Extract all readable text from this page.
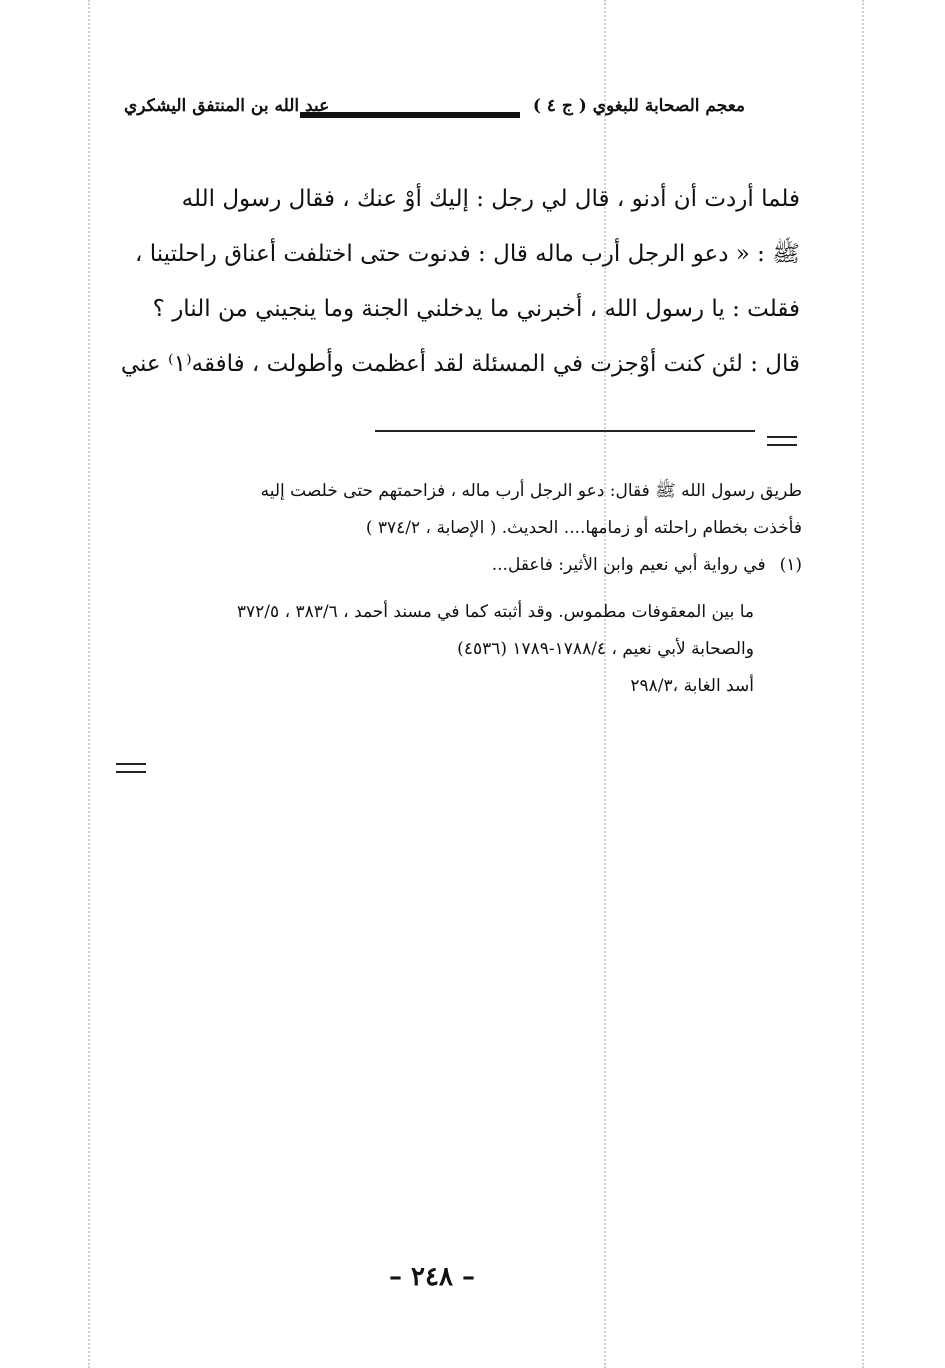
معجم الصحابة للبغوي ( ج ٤ )
عبد الله بن المنتفق اليشكري

فلما أردت أن أدنو ، قال لي رجل : إليك أوْ عنك ، فقال رسول الله

ﷺ : « دعو الرجل أرب ماله قال : فدنوت حتى اختلفت أعناق راحلتينا ،

فقلت : يا رسول الله ، أخبرني ما يدخلني الجنة وما ينجيني من النار ؟

قال : لئن كنت أوْجزت في المسئلة لقد أعظمت وأطولت ، فافقه⁽١⁾ عني

طريق رسول الله ﷺ فقال: دعو الرجل أرب ماله ، فزاحمتهم حتى خلصت إليه

فأخذت بخطام راحلته أو زمامها.... الحديث. ( الإصابة ، ٣٧٤/٢ )

(١)في رواية أبي نعيم وابن الأثير: فاعقل...

ما بين المعقوفات مطموس. وقد أثبته كما في مسند أحمد ، ٣٨٣/٦ ، ٣٧٢/٥

والصحابة لأبي نعيم ، ١٧٨٨/٤-١٧٨٩ (٤٥٣٦)

أسد الغابة ،٢٩٨/٣

– ٢٤٨ –
